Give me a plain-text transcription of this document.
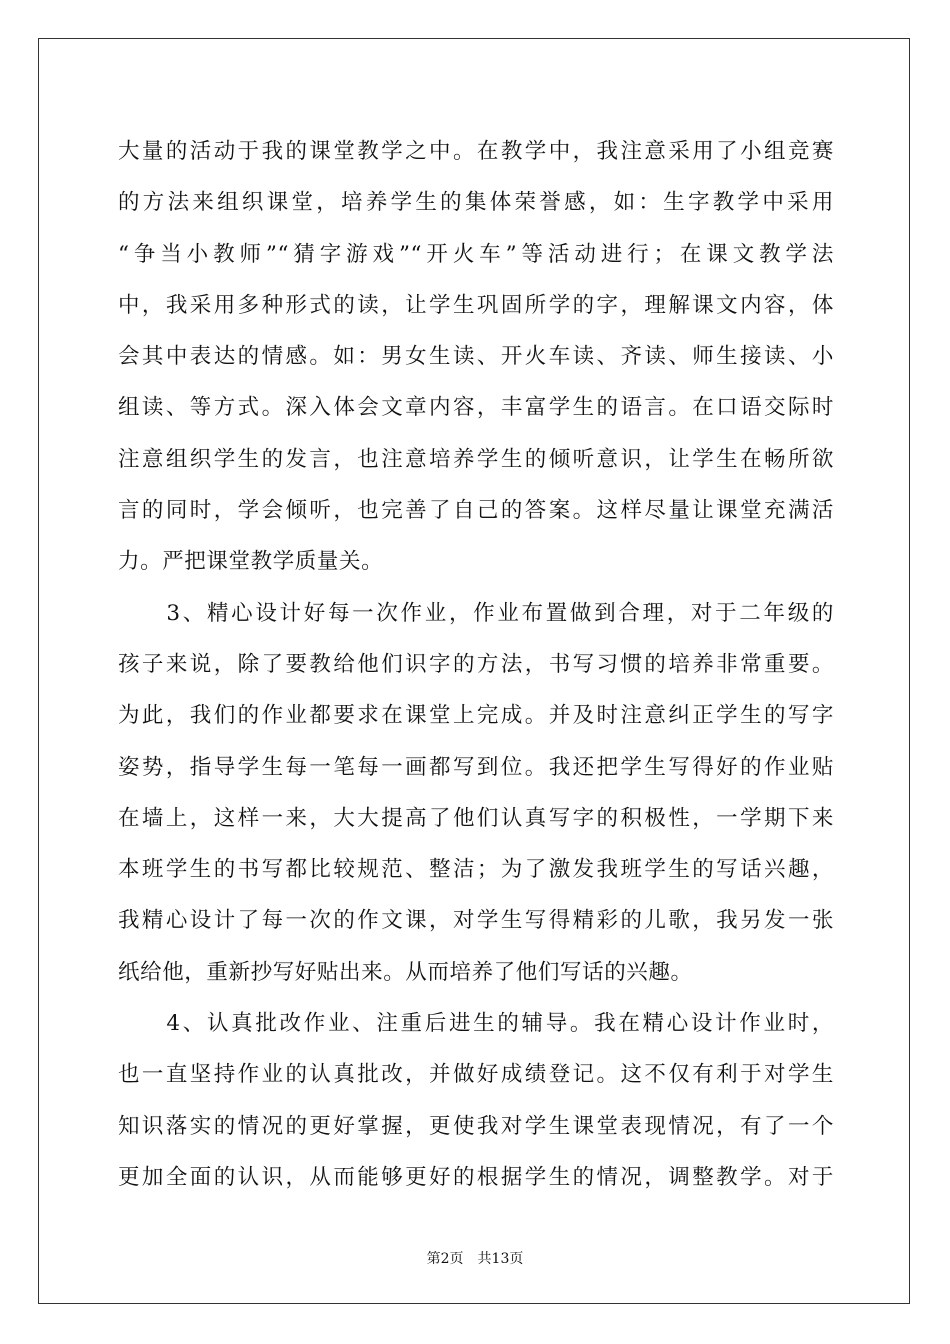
大量的活动于我的课堂教学之中。在教学中，我注意采用了小组竞赛
的方法来组织课堂，培养学生的集体荣誉感，如：生字教学中采用
“争当小教师”“猜字游戏”“开火车”等活动进行；在课文教学法
中，我采用多种形式的读，让学生巩固所学的字，理解课文内容，体
会其中表达的情感。如：男女生读、开火车读、齐读、师生接读、小
组读、等方式。深入体会文章内容，丰富学生的语言。在口语交际时
注意组织学生的发言，也注意培养学生的倾听意识，让学生在畅所欲
言的同时，学会倾听，也完善了自己的答案。这样尽量让课堂充满活
力。严把课堂教学质量关。
　　3、精心设计好每一次作业，作业布置做到合理，对于二年级的
孩子来说，除了要教给他们识字的方法，书写习惯的培养非常重要。
为此，我们的作业都要求在课堂上完成。并及时注意纠正学生的写字
姿势，指导学生每一笔每一画都写到位。我还把学生写得好的作业贴
在墙上，这样一来，大大提高了他们认真写字的积极性，一学期下来
本班学生的书写都比较规范、整洁；为了激发我班学生的写话兴趣，
我精心设计了每一次的作文课，对学生写得精彩的儿歌，我另发一张
纸给他，重新抄写好贴出来。从而培养了他们写话的兴趣。
　　4、认真批改作业、注重后进生的辅导。我在精心设计作业时，
也一直坚持作业的认真批改，并做好成绩登记。这不仅有利于对学生
知识落实的情况的更好掌握，更使我对学生课堂表现情况，有了一个
更加全面的认识，从而能够更好的根据学生的情况，调整教学。对于
第2页 共13页
